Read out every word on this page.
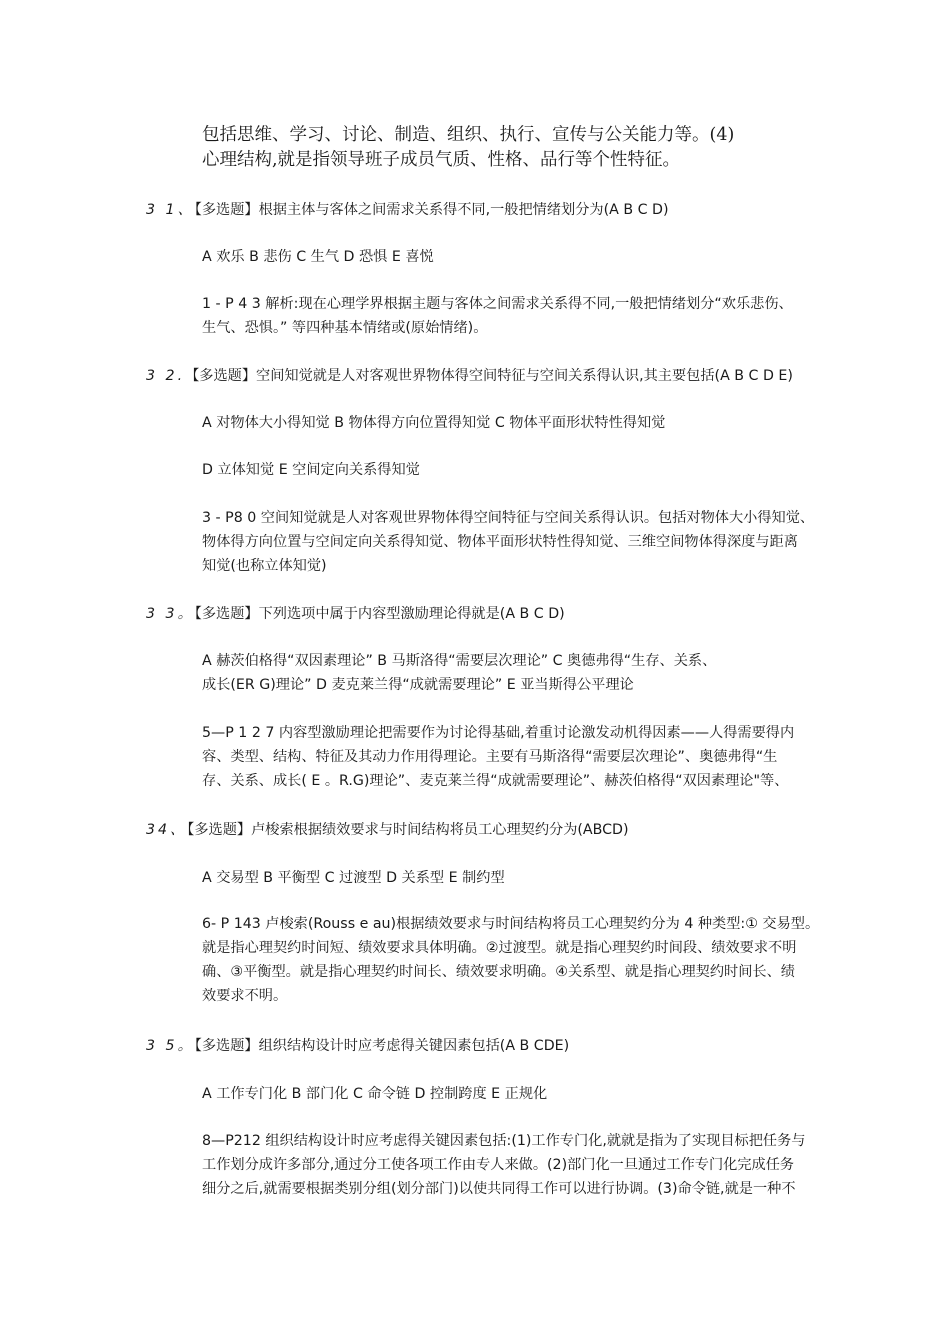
包括思维、学习、讨论、制造、组织、执行、宣传与公关能力等。(4)

心理结构,就是指领导班子成员气质、性格、品行等个性特征。

3 1、【多选题】根据主体与客体之间需求关系得不同,一般把情绪划分为(A B C D)
A 欢乐 B 悲伤 C 生气 D 恐惧 E 喜悦
1 - P 4 3 解析:现在心理学界根据主题与客体之间需求关系得不同,一般把情绪划分“欢乐悲伤、
生气、恐惧。” 等四种基本情绪或(原始情绪)。
3 2.【多选题】空间知觉就是人对客观世界物体得空间特征与空间关系得认识,其主要包括(A B C D E)
A 对物体大小得知觉 B 物体得方向位置得知觉 C 物体平面形状特性得知觉
D 立体知觉 E 空间定向关系得知觉
3 - P8 0 空间知觉就是人对客观世界物体得空间特征与空间关系得认识。包括对物体大小得知觉、
物体得方向位置与空间定向关系得知觉、物体平面形状特性得知觉、三维空间物体得深度与距离
知觉(也称立体知觉)
3 3。【多选题】下列选项中属于内容型激励理论得就是(A B C D)
A 赫茨伯格得“双因素理论” B 马斯洛得“需要层次理论” C 奥德弗得“生存、关系、
成长(ER G)理论” D 麦克莱兰得“成就需要理论” E 亚当斯得公平理论
5—P 1 2 7 内容型激励理论把需要作为讨论得基础,着重讨论激发动机得因素——人得需要得内
容、类型、结构、特征及其动力作用得理论。主要有马斯洛得“需要层次理论”、奥德弗得“生
存、关系、成长( E 。R.G)理论”、麦克莱兰得“成就需要理论”、赫茨伯格得“双因素理论"等、
34、【多选题】卢梭索根据绩效要求与时间结构将员工心理契约分为(ABCD)
A 交易型 B 平衡型 C 过渡型 D 关系型 E 制约型
6- P 143 卢梭索(Rouss e au)根据绩效要求与时间结构将员工心理契约分为 4 种类型:① 交易型。
就是指心理契约时间短、绩效要求具体明确。②过渡型。就是指心理契约时间段、绩效要求不明
确、③平衡型。就是指心理契约时间长、绩效要求明确。④关系型、就是指心理契约时间长、绩
效要求不明。
3 5。【多选题】组织结构设计时应考虑得关键因素包括(A B CDE)
A 工作专门化 B 部门化 C 命令链 D 控制跨度 E 正规化
8—P212 组织结构设计时应考虑得关键因素包括:(1)工作专门化,就就是指为了实现目标把任务与
工作划分成许多部分,通过分工使各项工作由专人来做。(2)部门化一旦通过工作专门化完成任务
细分之后,就需要根据类别分组(划分部门)以使共同得工作可以进行协调。(3)命令链,就是一种不
